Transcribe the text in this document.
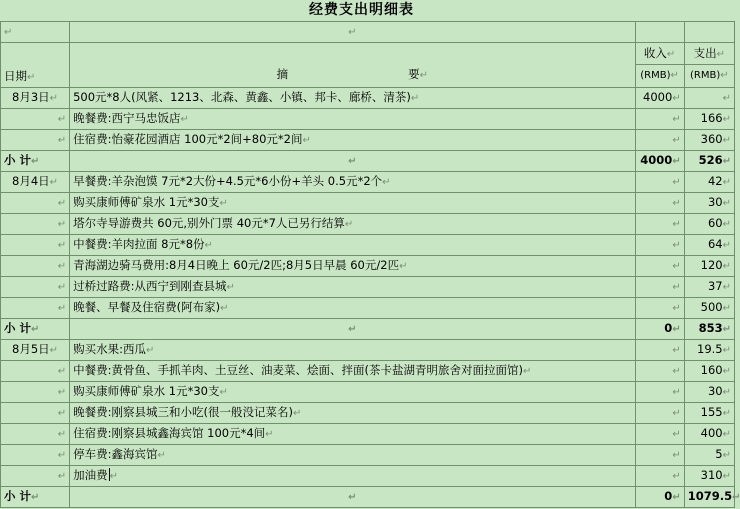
经费支出明细表
↵	↵		
日期↵	摘 要↵	收入↵	支出↵
		(RMB)↵	(RMB)↵
8月3日↵	500元*8人(风紧、1213、北森、黄鑫、小镇、邦卡、廊桥、清茶)↵	4000↵	↵
↵	晚餐费:西宁马忠饭店↵	↵	166↵
↵	住宿费:怡豪花园酒店 100元*2间+80元*2间↵	↵	360↵
小 计↵	↵	4000↵	526↵
8月4日↵	早餐费:羊杂泡馍 7元*2大份+4.5元*6小份+羊头 0.5元*2个↵	↵	42↵
↵	购买康师傅矿泉水 1元*30支↵	↵	30↵
↵	塔尔寺导游费共 60元,别外门票 40元*7人已另行结算↵	↵	60↵
↵	中餐费:羊肉拉面 8元*8份↵	↵	64↵
↵	青海湖边骑马费用:8月4日晚上 60元/2匹;8月5日早晨 60元/2匹↵	↵	120↵
↵	过桥过路费:从西宁到刚查县城↵	↵	37↵
↵	晚餐、早餐及住宿费(阿布家)↵	↵	500↵
小 计↵	↵	0↵	853↵
8月5日↵	购买水果:西瓜↵	↵	19.5↵
↵	中餐费:黄骨鱼、手抓羊肉、土豆丝、油麦菜、烩面、拌面(茶卡盐湖青明旅舍对面拉面馆)↵	↵	160↵
↵	购买康师傅矿泉水 1元*30支↵	↵	30↵
↵	晚餐费:刚察县城三和小吃(很一般没记菜名)↵	↵	155↵
↵	住宿费:刚察县城鑫海宾馆 100元*4间↵	↵	400↵
↵	停车费:鑫海宾馆↵	↵	5↵
↵	加油费 ↵	↵	310↵
小 计↵	↵	0↵	1079.5↵
